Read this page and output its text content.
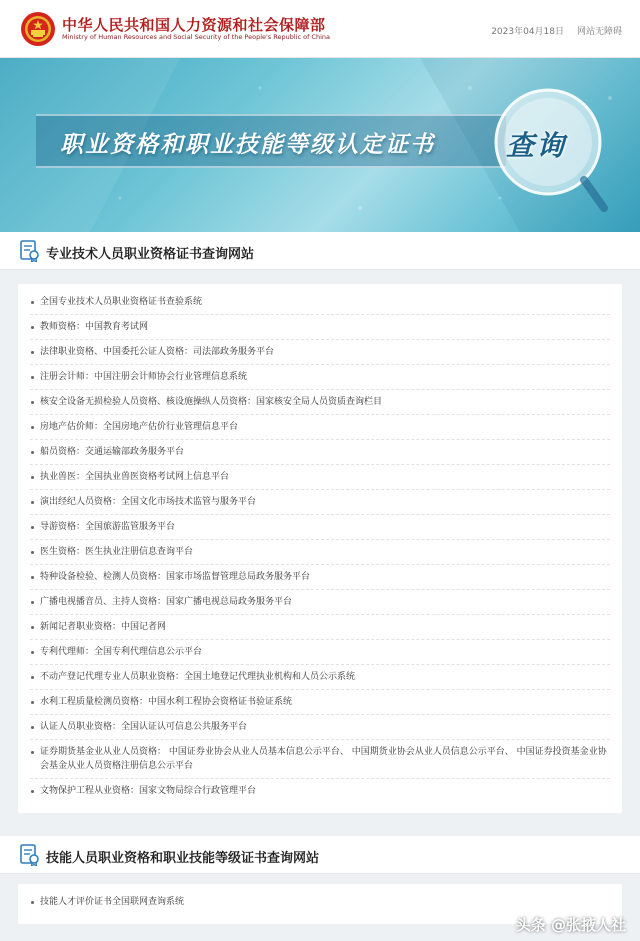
中华人民共和国人力资源和社会保障部
Ministry of Human Resources and Social Security of the People's Republic of China	2023年04月18日 网站无障碍
职业资格和职业技能等级认定证书	查询
专业技术人员职业资格证书查询网站
全国专业技术人员职业资格证书查验系统
教师资格：中国教育考试网
法律职业资格、中国委托公证人资格：司法部政务服务平台
注册会计师：中国注册会计师协会行业管理信息系统
核安全设备无损检验人员资格、核设施操纵人员资格：国家核安全局人员资质查询栏目
房地产估价师：全国房地产估价行业管理信息平台
船员资格：交通运输部政务服务平台
执业兽医：全国执业兽医资格考试网上信息平台
演出经纪人员资格：全国文化市场技术监管与服务平台
导游资格：全国旅游监管服务平台
医生资格：医生执业注册信息查询平台
特种设备检验、检测人员资格：国家市场监督管理总局政务服务平台
广播电视播音员、主持人资格：国家广播电视总局政务服务平台
新闻记者职业资格：中国记者网
专利代理师：全国专利代理信息公示平台
不动产登记代理专业人员职业资格：全国土地登记代理执业机构和人员公示系统
水利工程质量检测员资格：中国水利工程协会资格证书验证系统
认证人员职业资格：全国认证认可信息公共服务平台
证券期货基金业从业人员资格： 中国证券业协会从业人员基本信息公示平台、 中国期货业协会从业人员信息公示平台、 中国证券投资基金业协会基金从业人员资格注册信息公示平台
文物保护工程从业资格：国家文物局综合行政管理平台
技能人员职业资格和职业技能等级证书查询网站
技能人才评价证书全国联网查询系统
头条 @张掖人社
